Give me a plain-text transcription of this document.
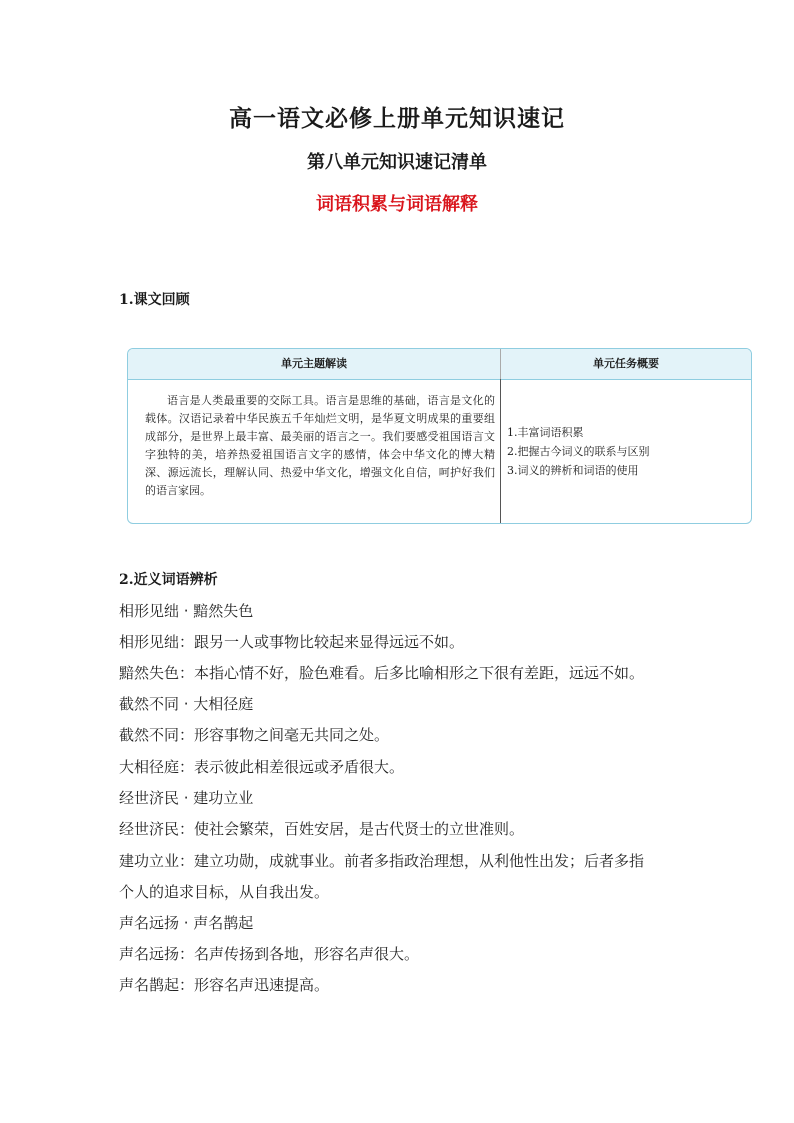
高一语文必修上册单元知识速记
第八单元知识速记清单
词语积累与词语解释
1.课文回顾
单元主题解读	单元任务概要
语言是人类最重要的交际工具。语言是思维的基础，语言是文化的载体。汉语记录着中华民族五千年灿烂文明，是华夏文明成果的重要组成部分，是世界上最丰富、最美丽的语言之一。我们要感受祖国语言文字独特的美，培养热爱祖国语言文字的感情，体会中华文化的博大精深、源远流长，理解认同、热爱中华文化，增强文化自信，呵护好我们的语言家园。
1.丰富词语积累
2.把握古今词义的联系与区别
3.词义的辨析和词语的使用
2.近义词语辨析
相形见绌 · 黯然失色
相形见绌：跟另一人或事物比较起来显得远远不如。
黯然失色：本指心情不好，脸色难看。后多比喻相形之下很有差距，远远不如。
截然不同 · 大相径庭
截然不同：形容事物之间毫无共同之处。
大相径庭：表示彼此相差很远或矛盾很大。
经世济民 · 建功立业
经世济民：使社会繁荣，百姓安居，是古代贤士的立世准则。
建功立业：建立功勋，成就事业。前者多指政治理想，从利他性出发；后者多指
个人的追求目标，从自我出发。
声名远扬 · 声名鹊起
声名远扬：名声传扬到各地，形容名声很大。
声名鹊起：形容名声迅速提高。
